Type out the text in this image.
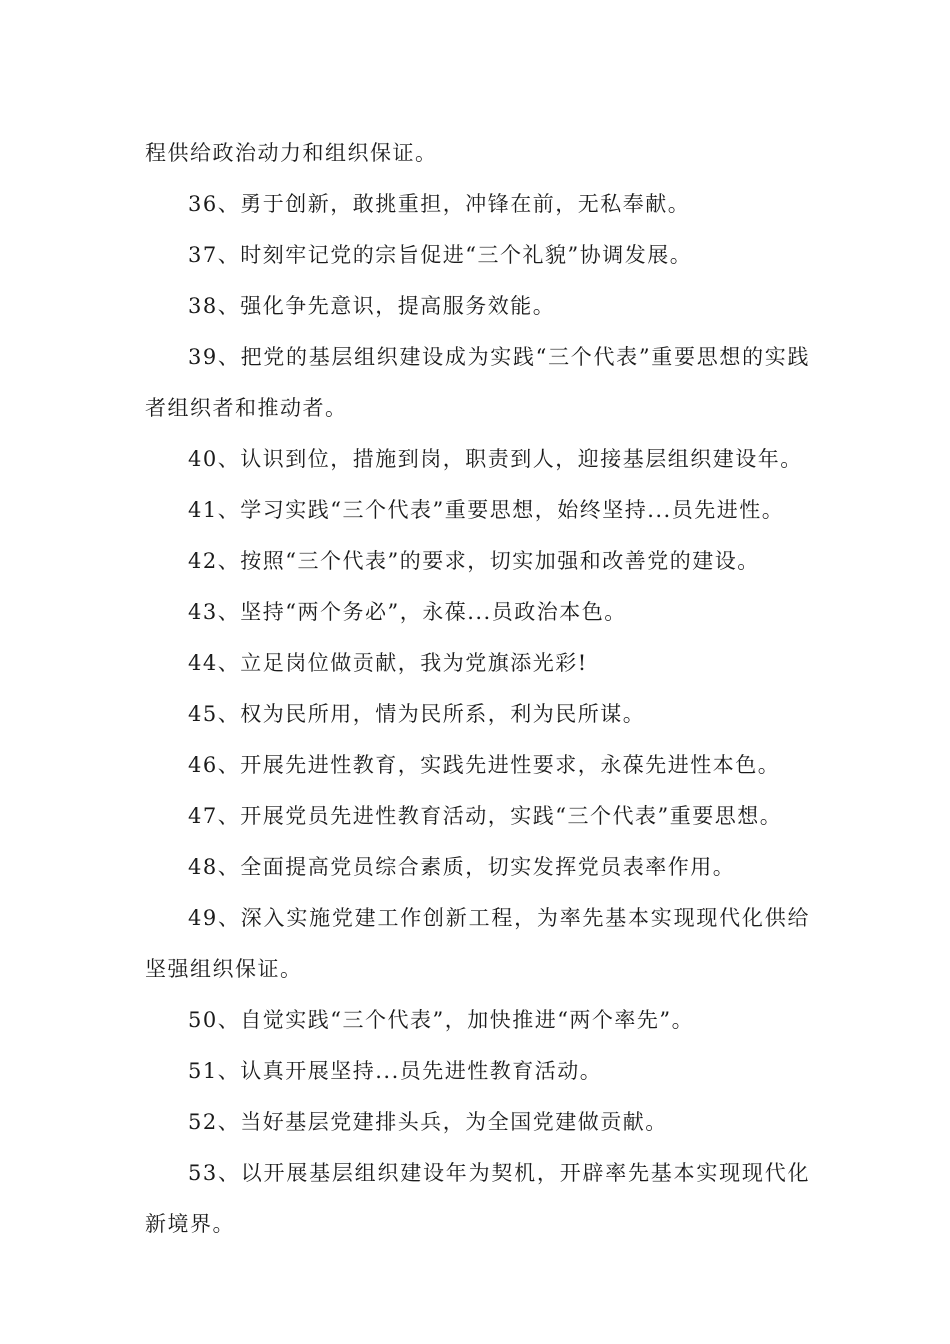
程供给政治动力和组织保证。

36、勇于创新，敢挑重担，冲锋在前，无私奉献。

37、时刻牢记党的宗旨促进“三个礼貌”协调发展。

38、强化争先意识，提高服务效能。

39、把党的基层组织建设成为实践“三个代表”重要思想的实践者组织者和推动者。

40、认识到位，措施到岗，职责到人，迎接基层组织建设年。

41、学习实践“三个代表”重要思想，始终坚持...员先进性。

42、按照“三个代表”的要求，切实加强和改善党的建设。

43、坚持“两个务必”，永葆...员政治本色。

44、立足岗位做贡献，我为党旗添光彩!

45、权为民所用，情为民所系，利为民所谋。

46、开展先进性教育，实践先进性要求，永葆先进性本色。

47、开展党员先进性教育活动，实践“三个代表”重要思想。

48、全面提高党员综合素质，切实发挥党员表率作用。

49、深入实施党建工作创新工程，为率先基本实现现代化供给坚强组织保证。

50、自觉实践“三个代表”，加快推进“两个率先”。

51、认真开展坚持...员先进性教育活动。

52、当好基层党建排头兵，为全国党建做贡献。

53、以开展基层组织建设年为契机，开辟率先基本实现现代化新境界。
